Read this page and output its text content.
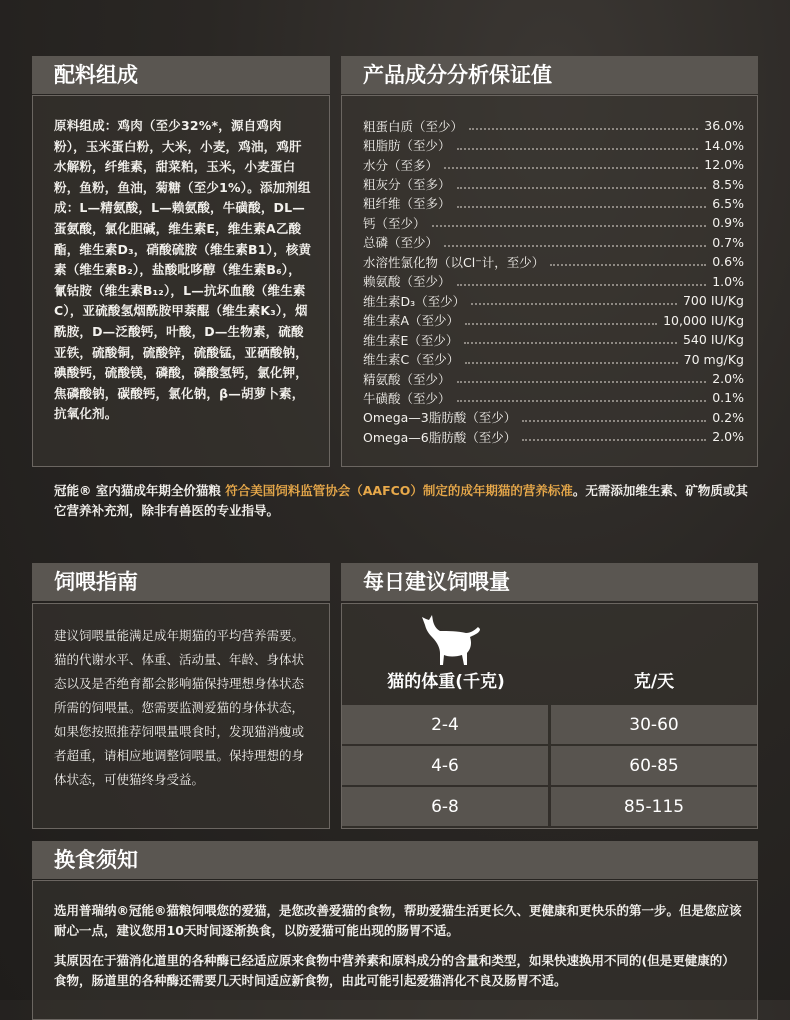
配料组成
原料组成：鸡肉（至少32%*，源自鸡肉粉），玉米蛋白粉，大米，小麦，鸡油，鸡肝水解粉，纤维素，甜菜粕，玉米，小麦蛋白粉，鱼粉，鱼油，菊糖（至少1%）。添加剂组成：L—精氨酸，L—赖氨酸，牛磺酸，DL—蛋氨酸，氯化胆碱，维生素E，维生素A乙酸酯，维生素D₃，硝酸硫胺（维生素B1），核黄素（维生素B₂），盐酸吡哆醇（维生素B₆），氰钴胺（维生素B₁₂），L—抗坏血酸（维生素C），亚硫酸氢烟酰胺甲萘醌（维生素K₃），烟酰胺，D—泛酸钙，叶酸，D—生物素，硫酸亚铁，硫酸铜，硫酸锌，硫酸锰，亚硒酸钠，碘酸钙，硫酸镁，磷酸，磷酸氢钙，氯化钾，焦磷酸钠，碳酸钙，氯化钠，β—胡萝卜素，抗氧化剂。
产品成分分析保证值
粗蛋白质（至少）	36.0%
粗脂肪（至少）	14.0%
水分（至多）	12.0%
粗灰分（至多）	8.5%
粗纤维（至多）	6.5%
钙（至少）	0.9%
总磷（至少）	0.7%
水溶性氯化物（以Cl⁻计，至少）	0.6%
赖氨酸（至少）	1.0%
维生素D₃（至少）	700 IU/Kg
维生素A（至少）	10,000 IU/Kg
维生素E（至少）	540 IU/Kg
维生素C（至少）	70 mg/Kg
精氨酸（至少）	2.0%
牛磺酸（至少）	0.1%
Omega—3脂肪酸（至少）	0.2%
Omega—6脂肪酸（至少）	2.0%
冠能® 室内猫成年期全价猫粮 符合美国饲料监管协会（AAFCO）制定的成年期猫的营养标准。无需添加维生素、矿物质或其它营养补充剂，除非有兽医的专业指导。
饲喂指南
建议饲喂量能满足成年期猫的平均营养需要。猫的代谢水平、体重、活动量、年龄、身体状态以及是否绝育都会影响猫保持理想身体状态所需的饲喂量。您需要监测爱猫的身体状态，如果您按照推荐饲喂量喂食时，发现猫消瘦或者超重，请相应地调整饲喂量。保持理想的身体状态，可使猫终身受益。
每日建议饲喂量
猫的体重(千克)	克/天
2-4	30-60
4-6	60-85
6-8	85-115
换食须知
选用普瑞纳®冠能®猫粮饲喂您的爱猫，是您改善爱猫的食物，帮助爱猫生活更长久、更健康和更快乐的第一步。但是您应该耐心一点，建议您用10天时间逐渐换食，以防爱猫可能出现的肠胃不适。
其原因在于猫消化道里的各种酶已经适应原来食物中营养素和原料成分的含量和类型，如果快速换用不同的(但是更健康的）食物，肠道里的各种酶还需要几天时间适应新食物，由此可能引起爱猫消化不良及肠胃不适。
